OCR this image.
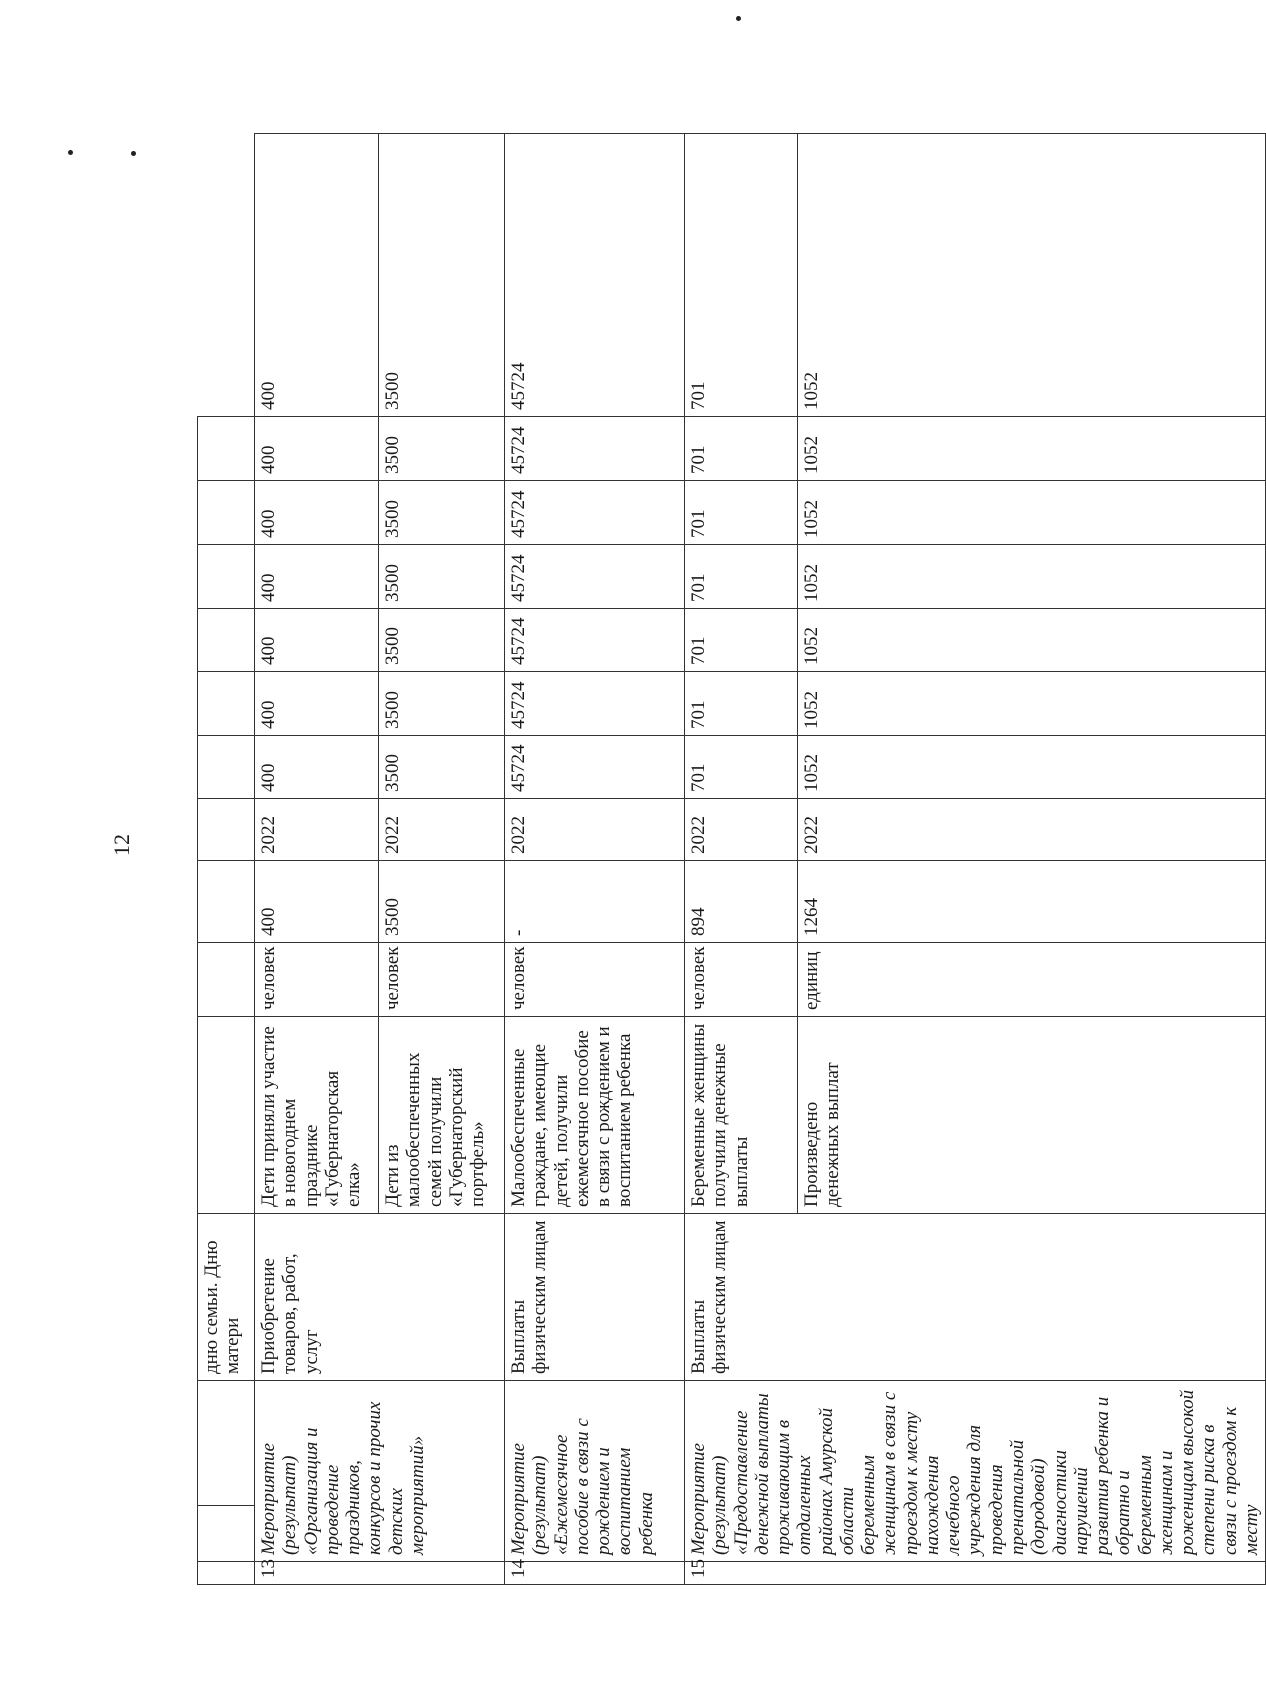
12
			дню семьи. Дню матери											
13	Мероприятие (результат) «Организация и проведение праздников, конкурсов и прочих детских мероприятий»		Приобретение товаров, работ, услуг	Дети приняли участие в новогоднем празднике «Губернаторская елка»	человек	400	2022	400	400	400	400	400	400	400
				Дети из малообеспеченных семей получили «Губернаторский портфель»	человек	3500	2022	3500	3500	3500	3500	3500	3500	3500
14	Мероприятие (результат) «Ежемесячное пособие в связи с рождением и воспитанием ребенка		Выплаты физическим лицам	Малообеспеченные граждане, имеющие детей, получили ежемесячное пособие в связи с рождением и воспитанием ребенка	человек	-	2022	45724	45724	45724	45724	45724	45724	45724
15	Мероприятие (результат) «Предоставление денежной выплаты проживающим в отдаленных районах Амурской области беременным женщинам в связи с проездом к месту нахождения лечебного учреждения для проведения пренатальной (дородовой) диагностики нарушений развития ребенка и обратно и беременным женщинам и роженицам высокой степени риска в связи с проездом к месту		Выплаты физическим лицам	Беременные женщины получили денежные выплаты	человек	894	2022	701	701	701	701	701	701	701
				Произведено денежных выплат	единиц	1264	2022	1052	1052	1052	1052	1052	1052	1052
